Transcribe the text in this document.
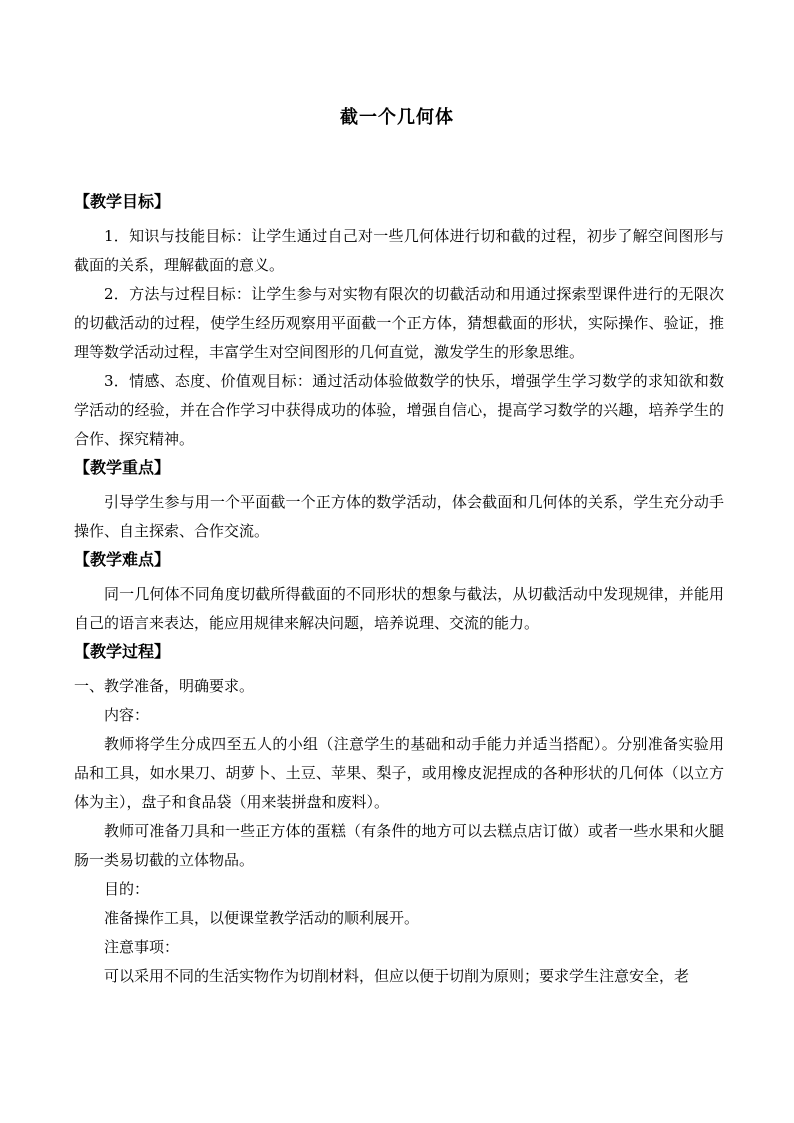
截一个几何体
【教学目标】

1．知识与技能目标：让学生通过自己对一些几何体进行切和截的过程，初步了解空间图形与截面的关系，理解截面的意义。

2．方法与过程目标：让学生参与对实物有限次的切截活动和用通过探索型课件进行的无限次的切截活动的过程，使学生经历观察用平面截一个正方体，猜想截面的形状，实际操作、验证，推理等数学活动过程，丰富学生对空间图形的几何直觉，激发学生的形象思维。

3．情感、态度、价值观目标：通过活动体验做数学的快乐，增强学生学习数学的求知欲和数学活动的经验，并在合作学习中获得成功的体验，增强自信心，提高学习数学的兴趣，培养学生的合作、探究精神。

【教学重点】

引导学生参与用一个平面截一个正方体的数学活动，体会截面和几何体的关系，学生充分动手操作、自主探索、合作交流。

【教学难点】

同一几何体不同角度切截所得截面的不同形状的想象与截法，从切截活动中发现规律，并能用自己的语言来表达，能应用规律来解决问题，培养说理、交流的能力。

【教学过程】

一、教学准备，明确要求。

内容：

教师将学生分成四至五人的小组（注意学生的基础和动手能力并适当搭配）。分别准备实验用品和工具，如水果刀、胡萝卜、土豆、苹果、梨子，或用橡皮泥捏成的各种形状的几何体（以立方体为主），盘子和食品袋（用来装拼盘和废料）。

教师可准备刀具和一些正方体的蛋糕（有条件的地方可以去糕点店订做）或者一些水果和火腿肠一类易切截的立体物品。

目的：

准备操作工具，以便课堂教学活动的顺利展开。

注意事项：

可以采用不同的生活实物作为切削材料，但应以便于切削为原则；要求学生注意安全，老
